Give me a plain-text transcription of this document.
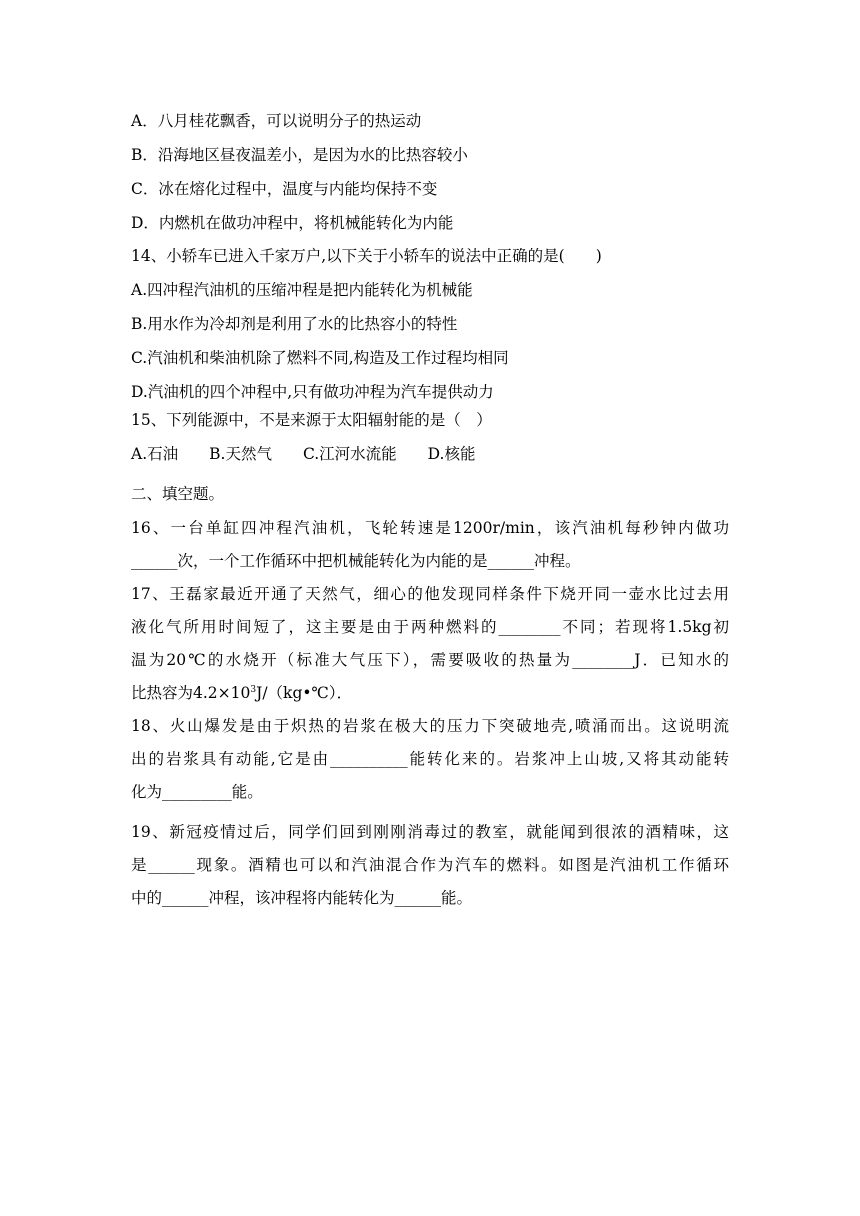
A．八月桂花飘香，可以说明分子的热运动
B．沿海地区昼夜温差小，是因为水的比热容较小
C．冰在熔化过程中，温度与内能均保持不变
D．内燃机在做功冲程中，将机械能转化为内能
14、小轿车已进入千家万户,以下关于小轿车的说法中正确的是(　　)
A.四冲程汽油机的压缩冲程是把内能转化为机械能
B.用水作为冷却剂是利用了水的比热容小的特性
C.汽油机和柴油机除了燃料不同,构造及工作过程均相同
D.汽油机的四个冲程中,只有做功冲程为汽车提供动力
15、下列能源中，不是来源于太阳辐射能的是（　）
A.石油　　B.天然气　　C.江河水流能　　D.核能
二、填空题。
16、一台单缸四冲程汽油机，飞轮转速是1200r/min，该汽油机每秒钟内做功
______次，一个工作循环中把机械能转化为内能的是______冲程。
17、王磊家最近开通了天然气，细心的他发现同样条件下烧开同一壶水比过去用
液化气所用时间短了，这主要是由于两种燃料的________不同；若现将1.5kg初
温为20℃的水烧开（标准大气压下），需要吸收的热量为________J．已知水的
比热容为$4.2\times 10^3J/(kg•℃)$．
18、火山爆发是由于炽热的岩浆在极大的压力下突破地壳,喷涌而出。这说明流
出的岩浆具有动能,它是由__________能转化来的。岩浆冲上山坡,又将其动能转
化为_________能。
19、新冠疫情过后，同学们回到刚刚消毒过的教室，就能闻到很浓的酒精味，这
是______现象。酒精也可以和汽油混合作为汽车的燃料。如图是汽油机工作循环
中的______冲程，该冲程将内能转化为______能。
